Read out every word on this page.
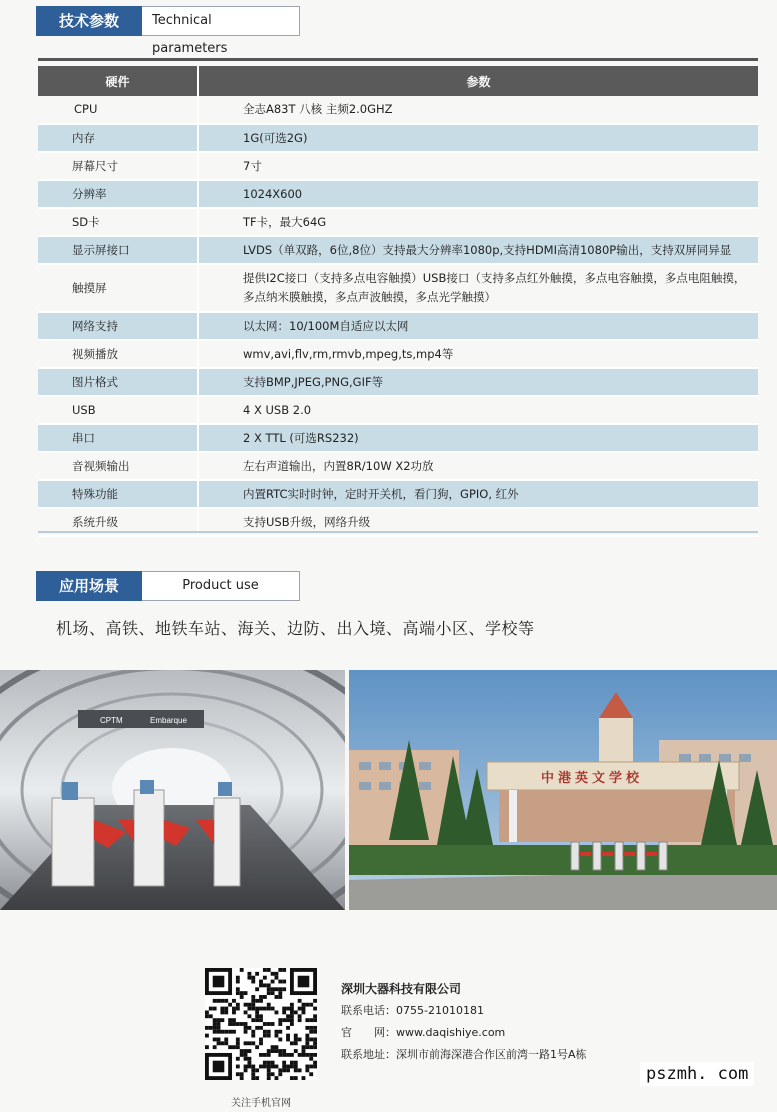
技术参数	Technical parameters
硬件	参数
CPU	全志A83T 八核 主频2.0GHZ
内存	1G(可选2G)
屏幕尺寸	7寸
分辨率	1024X600
SD卡	TF卡，最大64G
显示屏接口	LVDS（单双路，6位,8位）支持最大分辨率1080p,支持HDMI高清1080P输出，支持双屏同异显
触摸屏	提供I2C接口（支持多点电容触摸）USB接口（支持多点红外触摸，多点电容触摸，多点电阻触摸，多点纳米膜触摸，多点声波触摸，多点光学触摸）
网络支持	以太网：10/100M自适应以太网
视频播放	wmv,avi,flv,rm,rmvb,mpeg,ts,mp4等
图片格式	支持BMP,JPEG,PNG,GIF等
USB	4 X USB 2.0
串口	2 X TTL (可选RS232)
音视频输出	左右声道输出，内置8R/10W X2功放
特殊功能	内置RTC实时时钟，定时开关机，看门狗，GPIO, 红外
系统升级	支持USB升级，网络升级
应用场景	Product use
机场、高铁、地铁车站、海关、边防、出入境、高端小区、学校等
CPTM	Embarque
中港英文学校
关注手机官网
深圳大器科技有限公司
联系电话：0755-21010181
官　　网：www.daqishiye.com
联系地址：深圳市前海深港合作区前湾一路1号A栋
pszmh. com
